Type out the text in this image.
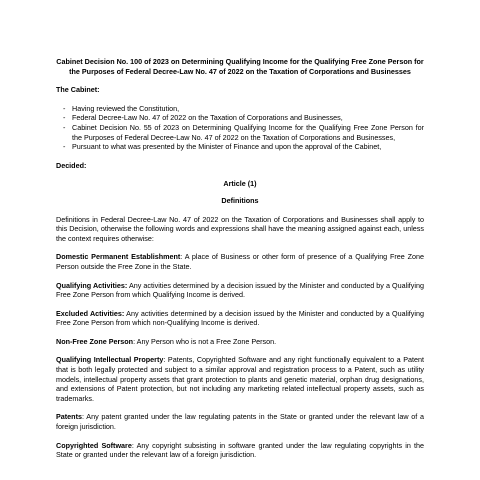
Cabinet Decision No. 100 of 2023 on Determining Qualifying Income for the Qualifying Free Zone Person for the Purposes of Federal Decree-Law No. 47 of 2022 on the Taxation of Corporations and Businesses

The Cabinet:

- Having reviewed the Constitution,
- Federal Decree-Law No. 47 of 2022 on the Taxation of Corporations and Businesses,
- Cabinet Decision No. 55 of 2023 on Determining Qualifying Income for the Qualifying Free Zone Person for the Purposes of Federal Decree-Law No. 47 of 2022 on the Taxation of Corporations and Businesses,
- Pursuant to what was presented by the Minister of Finance and upon the approval of the Cabinet,

Decided:

Article (1)

Definitions

Definitions in Federal Decree-Law No. 47 of 2022 on the Taxation of Corporations and Businesses shall apply to this Decision, otherwise the following words and expressions shall have the meaning assigned against each, unless the context requires otherwise:

Domestic Permanent Establishment: A place of Business or other form of presence of a Qualifying Free Zone Person outside the Free Zone in the State.

Qualifying Activities: Any activities determined by a decision issued by the Minister and conducted by a Qualifying Free Zone Person from which Qualifying Income is derived.

Excluded Activities: Any activities determined by a decision issued by the Minister and conducted by a Qualifying Free Zone Person from which non-Qualifying Income is derived.

Non-Free Zone Person: Any Person who is not a Free Zone Person.

Qualifying Intellectual Property: Patents, Copyrighted Software and any right functionally equivalent to a Patent that is both legally protected and subject to a similar approval and registration process to a Patent, such as utility models, intellectual property assets that grant protection to plants and genetic material, orphan drug designations, and extensions of Patent protection, but not including any marketing related intellectual property assets, such as trademarks.

Patents: Any patent granted under the law regulating patents in the State or granted under the relevant law of a foreign jurisdiction.

Copyrighted Software: Any copyright subsisting in software granted under the law regulating copyrights in the State or granted under the relevant law of a foreign jurisdiction.
